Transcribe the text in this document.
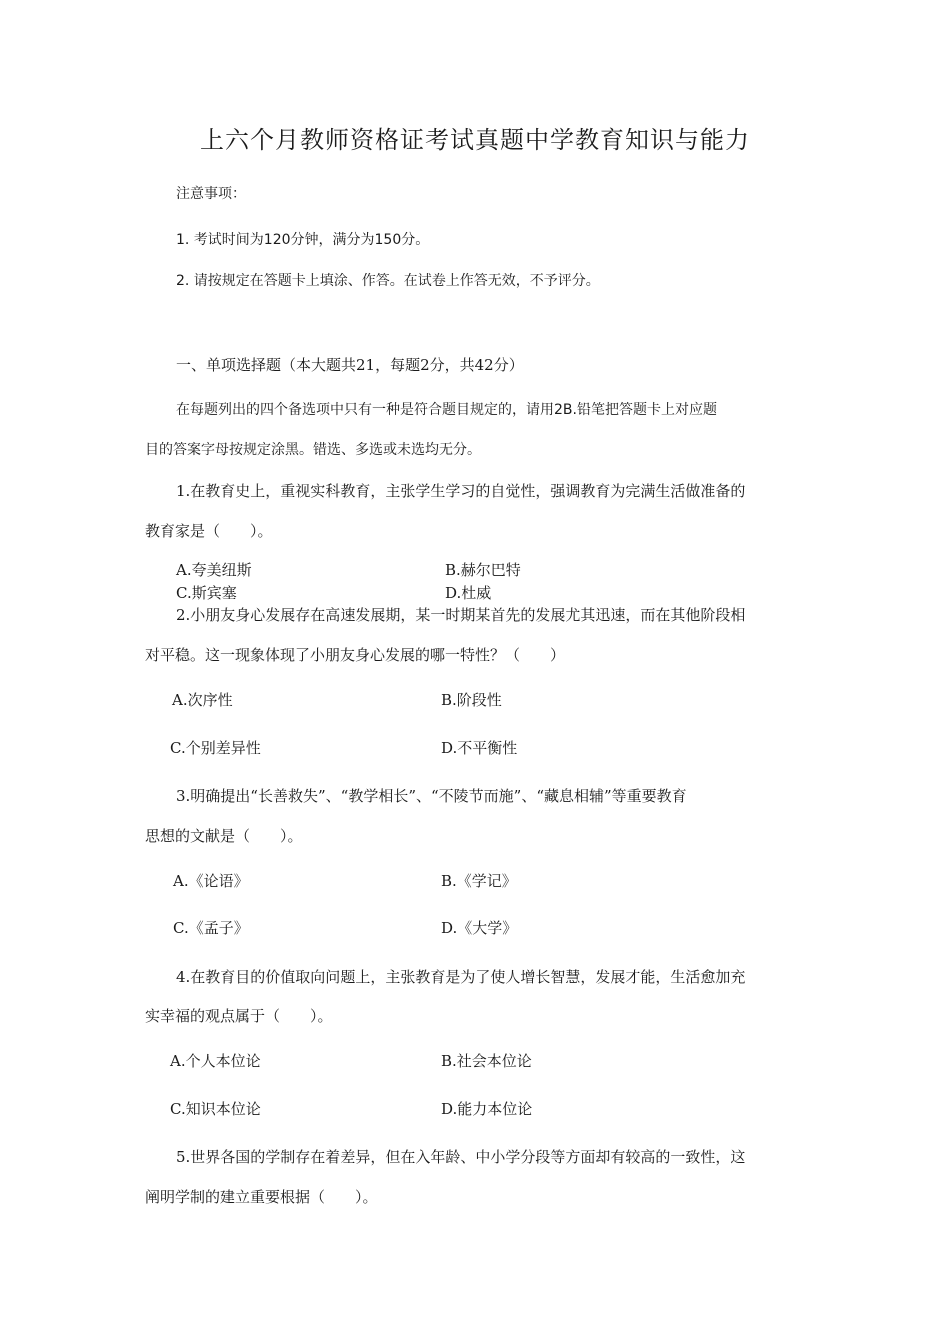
上六个月教师资格证考试真题中学教育知识与能力
注意事项：
1. 考试时间为120分钟，满分为150分。
2. 请按规定在答题卡上填涂、作答。在试卷上作答无效，不予评分。
一、单项选择题（本大题共21，每题2分，共42分）
在每题列出的四个备选项中只有一种是符合题目规定的，请用2B.铅笔把答题卡上对应题
目的答案字母按规定涂黑。错选、多选或未选均无分。
1.在教育史上，重视实科教育，主张学生学习的自觉性，强调教育为完满生活做准备的
教育家是（　　）。
A.夸美纽斯	B.赫尔巴特
C.斯宾塞	D.杜威
2.小朋友身心发展存在高速发展期，某一时期某首先的发展尤其迅速，而在其他阶段相
对平稳。这一现象体现了小朋友身心发展的哪一特性？（　　）
A.次序性	B.阶段性
C.个别差异性	D.不平衡性
3.明确提出“长善救失”、“教学相长”、“不陵节而施”、“藏息相辅”等重要教育
思想的文献是（　　）。
A.《论语》	B.《学记》
C.《孟子》	D.《大学》
4.在教育目的价值取向问题上，主张教育是为了使人增长智慧，发展才能，生活愈加充
实幸福的观点属于（　　）。
A.个人本位论	B.社会本位论
C.知识本位论	D.能力本位论
5.世界各国的学制存在着差异，但在入年龄、中小学分段等方面却有较高的一致性，这
阐明学制的建立重要根据（　　）。
